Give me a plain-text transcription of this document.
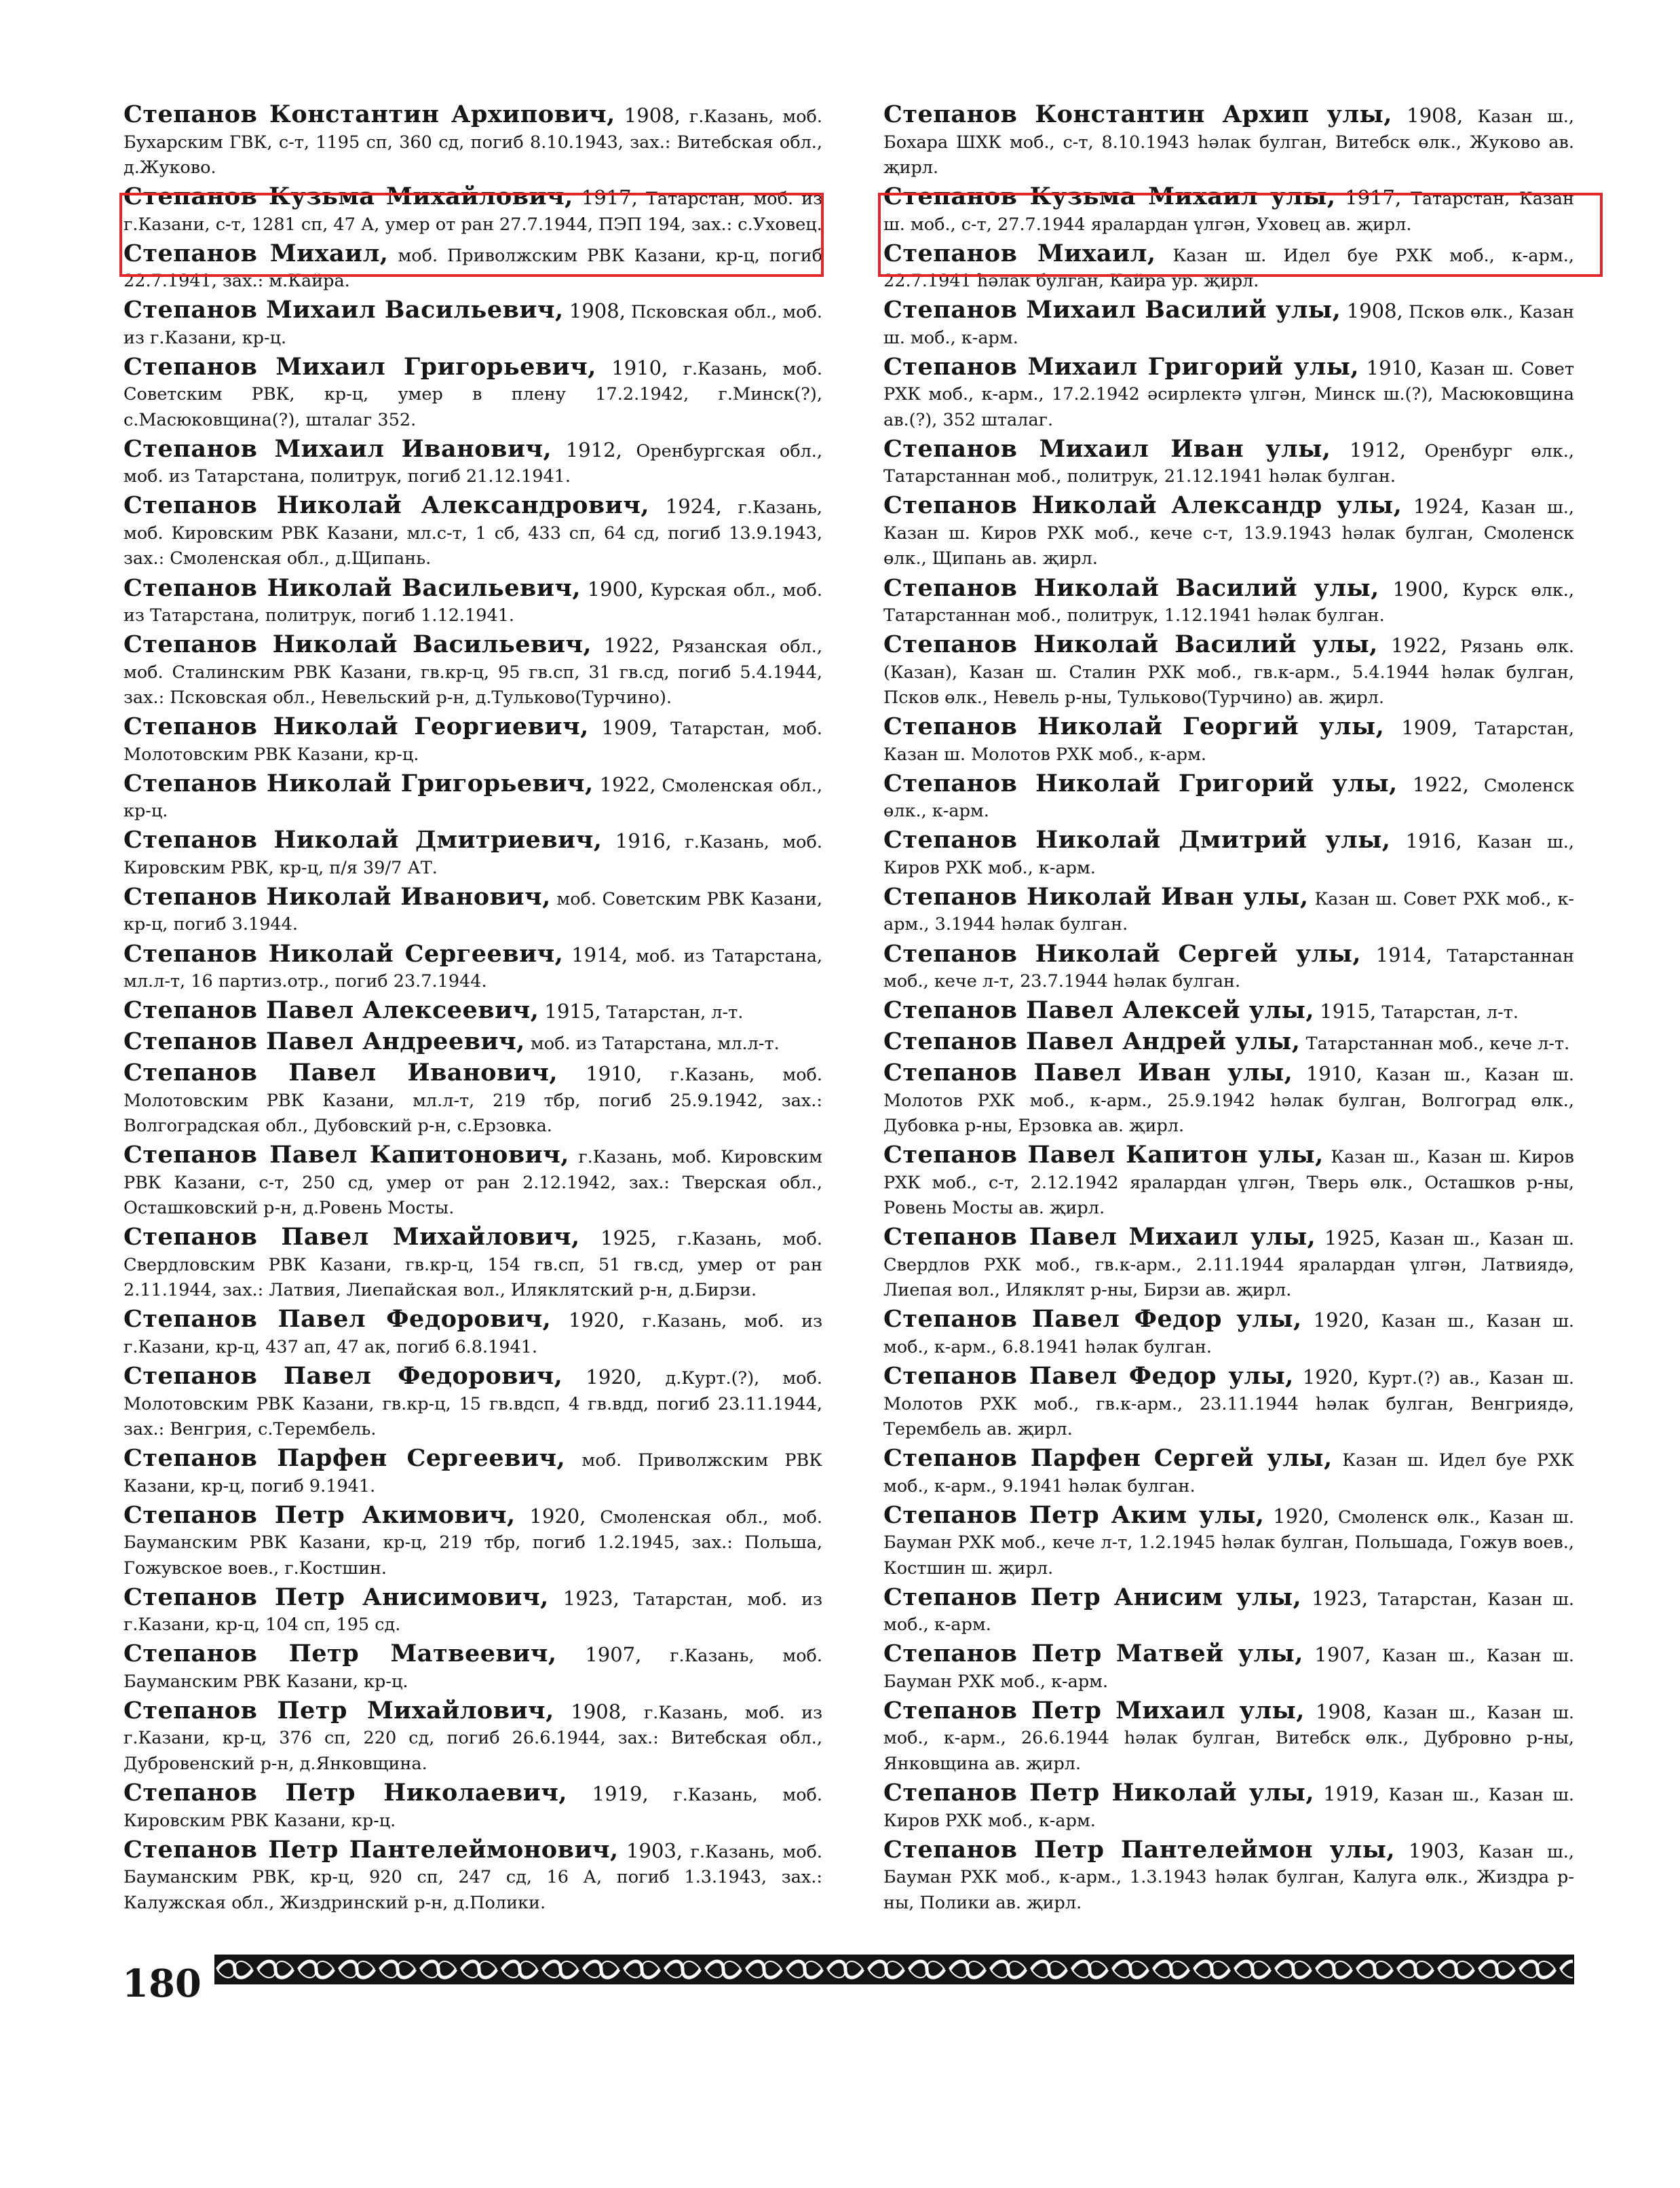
Степанов Константин Архипович, 1908, г.Казань, моб. Бухарским ГВК, с-т, 1195 сп, 360 сд, погиб 8.10.1943, зах.: Витебская обл., д.Жуково.

Степанов Кузьма Михайлович, 1917, Татарстан, моб. из г.Казани, с-т, 1281 сп, 47 А, умер от ран 27.7.1944, ПЭП 194, зах.: с.Уховец.

Степанов Михаил, моб. Приволжским РВК Казани, кр-ц, погиб 22.7.1941, зах.: м.Кайра.

Степанов Михаил Васильевич, 1908, Псковская обл., моб. из г.Казани, кр-ц.

Степанов Михаил Григорьевич, 1910, г.Казань, моб. Советским РВК, кр-ц, умер в плену 17.2.1942, г.Минск(?), с.Масюковщина(?), шталаг 352.

Степанов Михаил Иванович, 1912, Оренбургская обл., моб. из Татарстана, политрук, погиб 21.12.1941.

Степанов Николай Александрович, 1924, г.Казань, моб. Кировским РВК Казани, мл.с-т, 1 сб, 433 сп, 64 сд, погиб 13.9.1943, зах.: Смоленская обл., д.Щипань.

Степанов Николай Васильевич, 1900, Курская обл., моб. из Татарстана, политрук, погиб 1.12.1941.

Степанов Николай Васильевич, 1922, Рязанская обл., моб. Сталинским РВК Казани, гв.кр-ц, 95 гв.сп, 31 гв.сд, погиб 5.4.1944, зах.: Псковская обл., Невельский р-н, д.Тульково(Турчино).

Степанов Николай Георгиевич, 1909, Татарстан, моб. Молотовским РВК Казани, кр-ц.

Степанов Николай Григорьевич, 1922, Смоленская обл., кр-ц.

Степанов Николай Дмитриевич, 1916, г.Казань, моб. Кировским РВК, кр-ц, п/я 39/7 АТ.

Степанов Николай Иванович, моб. Советским РВК Казани, кр-ц, погиб 3.1944.

Степанов Николай Сергеевич, 1914, моб. из Татарстана, мл.л-т, 16 партиз.отр., погиб 23.7.1944.

Степанов Павел Алексеевич, 1915, Татарстан, л-т.

Степанов Павел Андреевич, моб. из Татарстана, мл.л-т.

Степанов Павел Иванович, 1910, г.Казань, моб. Молотовским РВК Казани, мл.л-т, 219 тбр, погиб 25.9.1942, зах.: Волгоградская обл., Дубовский р-н, с.Ерзовка.

Степанов Павел Капитонович, г.Казань, моб. Кировским РВК Казани, с-т, 250 сд, умер от ран 2.12.1942, зах.: Тверская обл., Осташковский р-н, д.Ровень Мосты.

Степанов Павел Михайлович, 1925, г.Казань, моб. Свердловским РВК Казани, гв.кр-ц, 154 гв.сп, 51 гв.сд, умер от ран 2.11.1944, зах.: Латвия, Лиепайская вол., Иляклятский р-н, д.Бирзи.

Степанов Павел Федорович, 1920, г.Казань, моб. из г.Казани, кр-ц, 437 ап, 47 ак, погиб 6.8.1941.

Степанов Павел Федорович, 1920, д.Курт.(?), моб. Молотовским РВК Казани, гв.кр-ц, 15 гв.вдсп, 4 гв.вдд, погиб 23.11.1944, зах.: Венгрия, с.Терембель.

Степанов Парфен Сергеевич, моб. Приволжским РВК Казани, кр-ц, погиб 9.1941.

Степанов Петр Акимович, 1920, Смоленская обл., моб. Бауманским РВК Казани, кр-ц, 219 тбр, погиб 1.2.1945, зах.: Польша, Гожувское воев., г.Костшин.

Степанов Петр Анисимович, 1923, Татарстан, моб. из г.Казани, кр-ц, 104 сп, 195 сд.

Степанов Петр Матвеевич, 1907, г.Казань, моб. Бауманским РВК Казани, кр-ц.

Степанов Петр Михайлович, 1908, г.Казань, моб. из г.Казани, кр-ц, 376 сп, 220 сд, погиб 26.6.1944, зах.: Витебская обл., Дубровенский р-н, д.Янковщина.

Степанов Петр Николаевич, 1919, г.Казань, моб. Кировским РВК Казани, кр-ц.

Степанов Петр Пантелеймонович, 1903, г.Казань, моб. Бауманским РВК, кр-ц, 920 сп, 247 сд, 16 А, погиб 1.3.1943, зах.: Калужская обл., Жиздринский р-н, д.Полики.

Степанов Константин Архип улы, 1908, Казан ш., Бохара ШХК моб., с-т, 8.10.1943 һәлак булган, Витебск өлк., Жуково ав. җирл.

Степанов Кузьма Михаил улы, 1917, Татарстан, Казан ш. моб., с-т, 27.7.1944 яралардан үлгән, Уховец ав. җирл.

Степанов Михаил, Казан ш. Идел буе РХК моб., к-арм., 22.7.1941 һәлак булган, Кайра ур. җирл.

Степанов Михаил Василий улы, 1908, Псков өлк., Казан ш. моб., к-арм.

Степанов Михаил Григорий улы, 1910, Казан ш. Совет РХК моб., к-арм., 17.2.1942 әсирлектә үлгән, Минск ш.(?), Масюковщина ав.(?), 352 шталаг.

Степанов Михаил Иван улы, 1912, Оренбург өлк., Татарстаннан моб., политрук, 21.12.1941 һәлак булган.

Степанов Николай Александр улы, 1924, Казан ш., Казан ш. Киров РХК моб., кече с-т, 13.9.1943 һәлак булган, Смоленск өлк., Щипань ав. җирл.

Степанов Николай Василий улы, 1900, Курск өлк., Татарстаннан моб., политрук, 1.12.1941 һәлак булган.

Степанов Николай Василий улы, 1922, Рязань өлк. (Казан), Казан ш. Сталин РХК моб., гв.к-арм., 5.4.1944 һәлак булган, Псков өлк., Невель р-ны, Тульково(Турчино) ав. җирл.

Степанов Николай Георгий улы, 1909, Татарстан, Казан ш. Молотов РХК моб., к-арм.

Степанов Николай Григорий улы, 1922, Смоленск өлк., к-арм.

Степанов Николай Дмитрий улы, 1916, Казан ш., Киров РХК моб., к-арм.

Степанов Николай Иван улы, Казан ш. Совет РХК моб., к-арм., 3.1944 һәлак булган.

Степанов Николай Сергей улы, 1914, Татарстаннан моб., кече л-т, 23.7.1944 һәлак булган.

Степанов Павел Алексей улы, 1915, Татарстан, л-т.

Степанов Павел Андрей улы, Татарстаннан моб., кече л-т.

Степанов Павел Иван улы, 1910, Казан ш., Казан ш. Молотов РХК моб., к-арм., 25.9.1942 һәлак булган, Волгоград өлк., Дубовка р-ны, Ерзовка ав. җирл.

Степанов Павел Капитон улы, Казан ш., Казан ш. Киров РХК моб., с-т, 2.12.1942 яралардан үлгән, Тверь өлк., Осташков р-ны, Ровень Мосты ав. җирл.

Степанов Павел Михаил улы, 1925, Казан ш., Казан ш. Свердлов РХК моб., гв.к-арм., 2.11.1944 яралардан үлгән, Латвиядә, Лиепая вол., Иляклят р-ны, Бирзи ав. җирл.

Степанов Павел Федор улы, 1920, Казан ш., Казан ш. моб., к-арм., 6.8.1941 һәлак булган.

Степанов Павел Федор улы, 1920, Курт.(?) ав., Казан ш. Молотов РХК моб., гв.к-арм., 23.11.1944 һәлак булган, Венгриядә, Терембель ав. җирл.

Степанов Парфен Сергей улы, Казан ш. Идел буе РХК моб., к-арм., 9.1941 һәлак булган.

Степанов Петр Аким улы, 1920, Смоленск өлк., Казан ш. Бауман РХК моб., кече л-т, 1.2.1945 һәлак булган, Польшада, Гожув воев., Костшин ш. җирл.

Степанов Петр Анисим улы, 1923, Татарстан, Казан ш. моб., к-арм.

Степанов Петр Матвей улы, 1907, Казан ш., Казан ш. Бауман РХК моб., к-арм.

Степанов Петр Михаил улы, 1908, Казан ш., Казан ш. моб., к-арм., 26.6.1944 һәлак булган, Витебск өлк., Дубровно р-ны, Янковщина ав. җирл.

Степанов Петр Николай улы, 1919, Казан ш., Казан ш. Киров РХК моб., к-арм.

Степанов Петр Пантелеймон улы, 1903, Казан ш., Бауман РХК моб., к-арм., 1.3.1943 һәлак булган, Калуга өлк., Жиздра р-ны, Полики ав. җирл.

180
